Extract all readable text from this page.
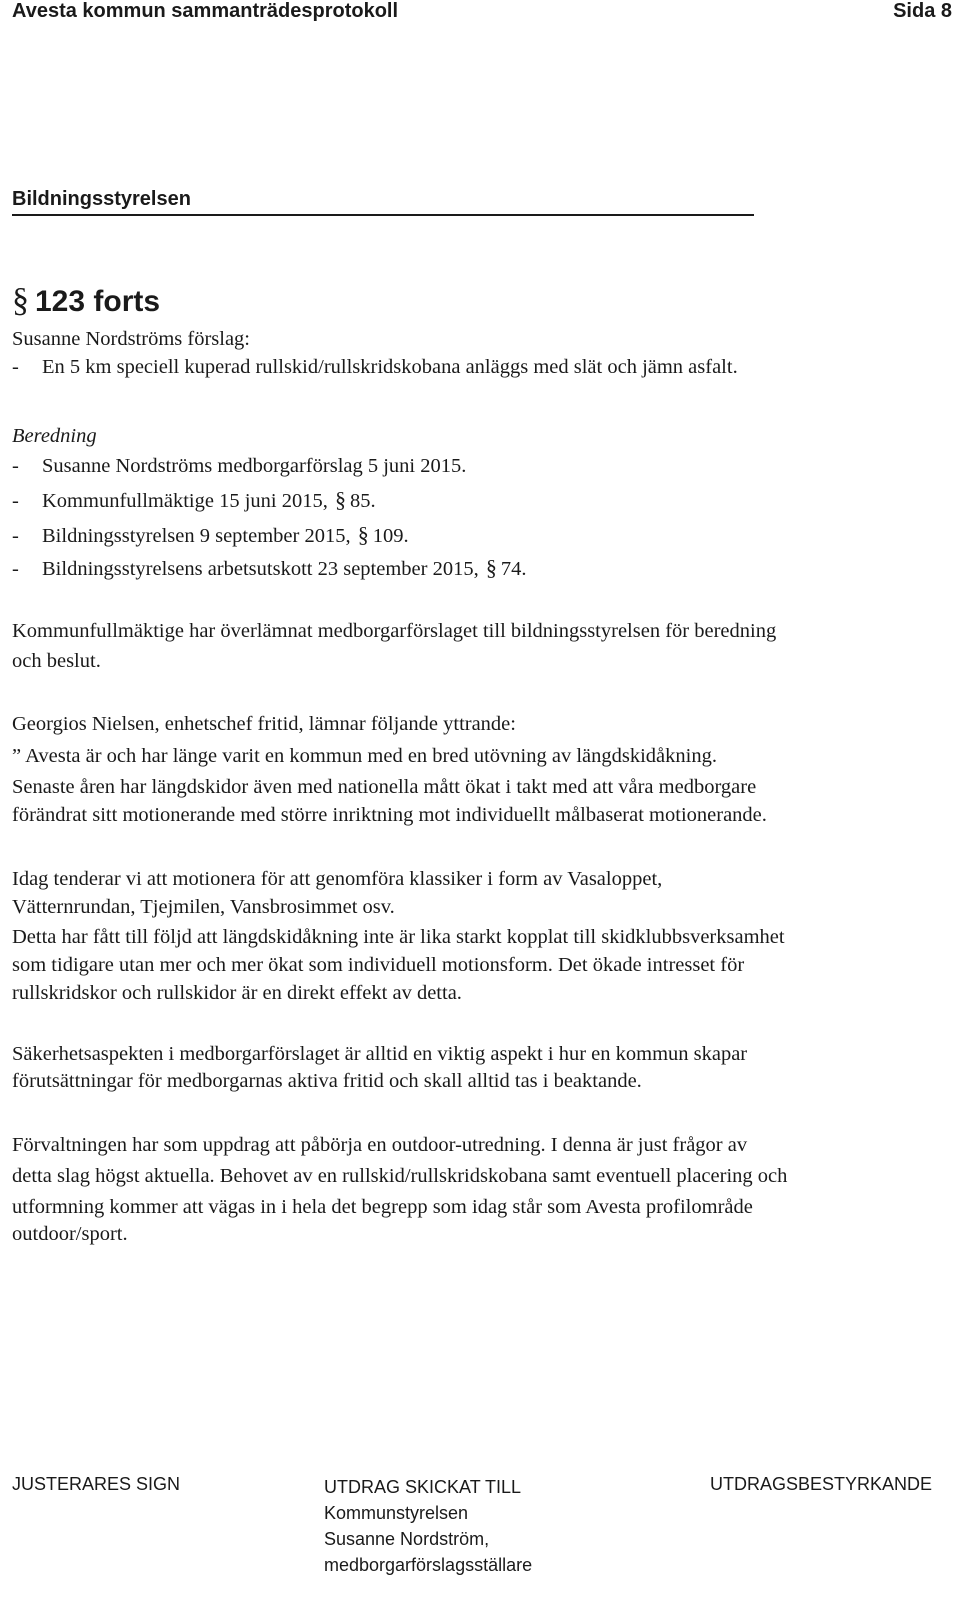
Avesta kommun sammanträdesprotokoll	Sida 8
Bildningsstyrelsen
§ 123 forts
Susanne Nordströms förslag:
- En 5 km speciell kuperad rullskid/rullskridskobana anläggs med slät och jämn asfalt.
Beredning
- Susanne Nordströms medborgarförslag 5 juni 2015.
- Kommunfullmäktige 15 juni 2015, § 85.
- Bildningsstyrelsen 9 september 2015, § 109.
- Bildningsstyrelsens arbetsutskott 23 september 2015, § 74.
Kommunfullmäktige har överlämnat medborgarförslaget till bildningsstyrelsen för beredning
och beslut.
Georgios Nielsen, enhetschef fritid, lämnar följande yttrande:
” Avesta är och har länge varit en kommun med en bred utövning av längdskidåkning.
Senaste åren har längdskidor även med nationella mått ökat i takt med att våra medborgare
förändrat sitt motionerande med större inriktning mot individuellt målbaserat motionerande.
Idag tenderar vi att motionera för att genomföra klassiker i form av Vasaloppet,
Vätternrundan, Tjejmilen, Vansbrosimmet osv.
Detta har fått till följd att längdskidåkning inte är lika starkt kopplat till skidklubbsverksamhet
som tidigare utan mer och mer ökat som individuell motionsform. Det ökade intresset för
rullskridskor och rullskidor är en direkt effekt av detta.
Säkerhetsaspekten i medborgarförslaget är alltid en viktig aspekt i hur en kommun skapar
förutsättningar för medborgarnas aktiva fritid och skall alltid tas i beaktande.
Förvaltningen har som uppdrag att påbörja en outdoor-utredning. I denna är just frågor av
detta slag högst aktuella. Behovet av en rullskid/rullskridskobana samt eventuell placering och
utformning kommer att vägas in i hela det begrepp som idag står som Avesta profilområde
outdoor/sport.
JUSTERARES SIGN	UTDRAG SKICKAT TILL
Kommunstyrelsen
Susanne Nordström,
medborgarförslagsställare
UTDRAGSBESTYRKANDE
